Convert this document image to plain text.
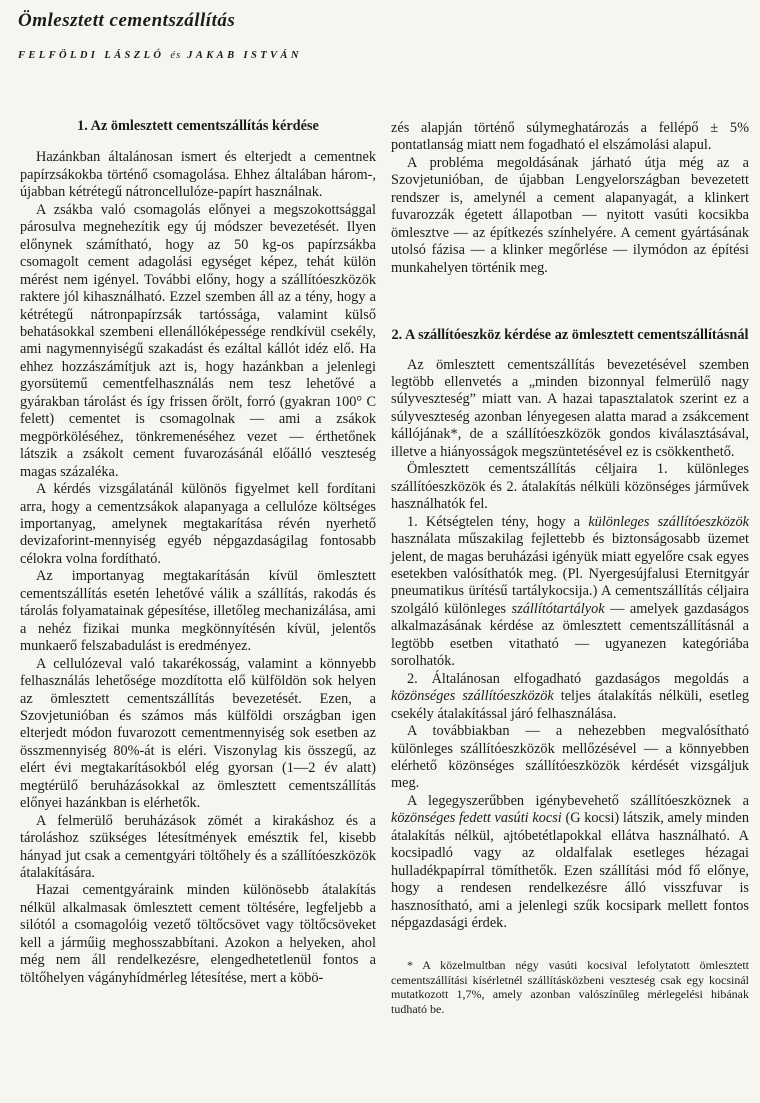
Ömlesztett cementszállítás
FELFÖLDI LÁSZLÓ és JAKAB ISTVÁN
1. Az ömlesztett cementszállítás kérdése

Hazánkban általánosan ismert és elterjedt a cementnek papírzsákokba történő csomagolása. Ehhez általában három-, újabban kétrétegű nátroncellulóze-papírt használnak.

A zsákba való csomagolás előnyei a megszokottsággal párosulva megnehezítik egy új módszer bevezetését. Ilyen előnynek számítható, hogy az 50 kg-os papírzsákba csomagolt cement adagolási egységet képez, tehát külön mérést nem igényel. További előny, hogy a szállítóeszközök raktere jól kihasználható. Ezzel szemben áll az a tény, hogy a kétrétegű nátronpapírzsák tartóssága, valamint külső behatásokkal szembeni ellenállóképessége rendkívül csekély, ami nagymennyiségű szakadást és ezáltal kállót idéz elő. Ha ehhez hozzászámítjuk azt is, hogy hazánkban a jelenlegi gyorsütemű cementfelhasználás nem tesz lehetővé a gyárakban tárolást és így frissen őrölt, forró (gyakran 100° C felett) cementet is csomagolnak — ami a zsákok megpörköléséhez, tönkremenéséhez vezet — érthetőnek látszik a zsákolt cement fuvarozásánál előálló veszteség magas százaléka.

A kérdés vizsgálatánál különös figyelmet kell fordítani arra, hogy a cementzsákok alapanyaga a cellulóze költséges importanyag, amelynek megtakarítása révén nyerhető devizaforint-mennyiség egyéb népgazdaságilag fontosabb célokra volna fordítható.

Az importanyag megtakarításán kívül ömlesztett cementszállítás esetén lehetővé válik a szállítás, rakodás és tárolás folyamatainak gépesítése, illetőleg mechanizálása, ami a nehéz fizikai munka megkönnyítésén kívül, jelentős munkaerő felszabadulást is eredményez.

A cellulózeval való takarékosság, valamint a könnyebb felhasználás lehetősége mozdította elő külföldön sok helyen az ömlesztett cementszállítás bevezetését. Ezen, a Szovjetunióban és számos más külföldi országban igen elterjedt módon fuvarozott cementmennyiség sok esetben az összmennyiség 80%-át is eléri. Viszonylag kis összegű, az elért évi megtakarításokból elég gyorsan (1—2 év alatt) megtérülő beruházásokkal az ömlesztett cementszállítás előnyei hazánkban is elérhetők.

A felmerülő beruházások zömét a kirakáshoz és a tároláshoz szükséges létesítmények emésztik fel, kisebb hányad jut csak a cementgyári töltőhely és a szállítóeszközök átalakítására.

Hazai cementgyáraink minden különösebb átalakítás nélkül alkalmasak ömlesztett cement töltésére, legfeljebb a silótól a csomagolóig vezető töltőcsövet vagy töltőcsöveket kell a járműig meghosszabbítani. Azokon a helyeken, ahol még nem áll rendelkezésre, elengedhetetlenül fontos a töltőhelyen vágányhídmérleg létesítése, mert a köbö-

zés alapján történő súlymeghatározás a fellépő ± 5% pontatlanság miatt nem fogadható el elszámolási alapul.

A probléma megoldásának járható útja még az a Szovjetunióban, de újabban Lengyelországban bevezetett rendszer is, amelynél a cement alapanyagát, a klinkert fuvarozzák égetett állapotban — nyitott vasúti kocsikba ömlesztve — az építkezés színhelyére. A cement gyártásának utolsó fázisa — a klinker megőrlése — ilymódon az építési munkahelyen történik meg.

2. A szállítóeszköz kérdése az ömlesztett cementszállításnál

Az ömlesztett cementszállítás bevezetésével szemben legtöbb ellenvetés a „minden bizonnyal felmerülő nagy súlyveszteség” miatt van. A hazai tapasztalatok szerint ez a súlyveszteség azonban lényegesen alatta marad a zsákcement kállójának*, de a szállítóeszközök gondos kiválasztásával, illetve a hiányosságok megszüntetésével ez is csökkenthető.

Ömlesztett cementszállítás céljaira 1. különleges szállítóeszközök és 2. átalakítás nélküli közönséges járművek használhatók fel.

1. Kétségtelen tény, hogy a különleges szállítóeszközök használata műszakilag fejlettebb és biztonságosabb üzemet jelent, de magas beruházási igényük miatt egyelőre csak egyes esetekben valósíthatók meg. (Pl. Nyergesújfalusi Eternitgyár pneumatikus ürítésű tartálykocsija.) A cementszállítás céljaira szolgáló különleges szállítótartályok — amelyek gazdaságos alkalmazásának kérdése az ömlesztett cementszállításnál a legtöbb esetben vitatható — ugyanezen kategóriába sorolhatók.

2. Általánosan elfogadható gazdaságos megoldás a közönséges szállítóeszközök teljes átalakítás nélküli, esetleg csekély átalakítással járó felhasználása.

A továbbiakban — a nehezebben megvalósítható különleges szállítóeszközök mellőzésével — a könnyebben elérhető közönséges szállítóeszközök kérdését vizsgáljuk meg.

A legegyszerűbben igénybevehető szállítóeszköznek a közönséges fedett vasúti kocsi (G kocsi) látszik, amely minden átalakítás nélkül, ajtóbetétlapokkal ellátva használható. A kocsipadló vagy az oldalfalak esetleges hézagai hulladékpapírral tömíthetők. Ezen szállítási mód fő előnye, hogy a rendesen rendelkezésre álló visszfuvar is hasznosítható, ami a jelenlegi szűk kocsipark mellett fontos népgazdasági érdek.

* A közelmultban négy vasúti kocsival lefolytatott ömlesztett cementszállítási kísérletnél szállításközbeni veszteség csak egy kocsinál mutatkozott 1,7%, amely azonban valószínűleg mérlegelési hibának tudható be.
